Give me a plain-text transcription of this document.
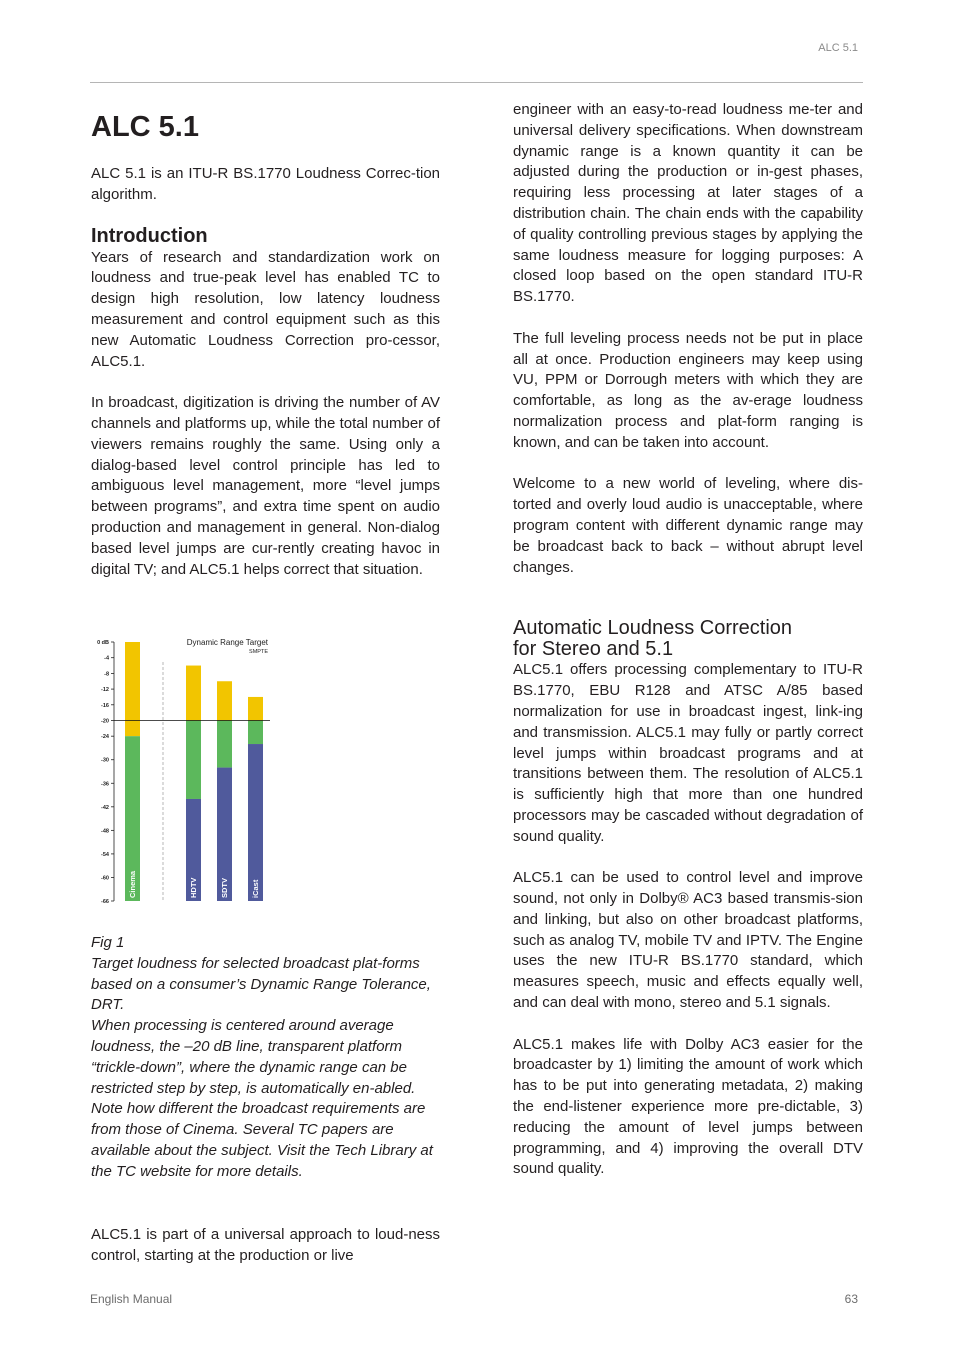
ALC 5.1
ALC 5.1

ALC 5.1 is an ITU-R BS.1770 Loudness Correc-tion algorithm.

Introduction

Years of research and standardization work on loudness and true-peak level has enabled TC to design high resolution, low latency loudness measurement and control equipment such as this new Automatic Loudness Correction pro-cessor, ALC5.1.

In broadcast, digitization is driving the number of AV channels and platforms up, while the total number of viewers remains roughly the same. Using only a dialog-based level control principle has led to ambiguous level management, more “level jumps between programs”, and extra time spent on audio production and management in general. Non-dialog based level jumps are cur-rently creating havoc in digital TV; and ALC5.1 helps correct that situation.

0 dB
-4
-8
-12
-16
-20
-24
-30
-36
-42
-48
-54
-60
-66
Cinema	HDTV	SDTV	iCast
Dynamic Range Target
SMPTE

Fig 1

Target loudness for selected broadcast plat-forms based on a consumer’s Dynamic Range Tolerance, DRT.

When processing is centered around average loudness, the –20 dB line, transparent platform “trickle-down”, where the dynamic range can be restricted step by step, is automatically en-abled.

Note how different the broadcast requirements are from those of Cinema. Several TC papers are available about the subject. Visit the Tech Library at the TC website for more details.

ALC5.1 is part of a universal approach to loud-ness control, starting at the production or live

engineer with an easy-to-read loudness me-ter and universal delivery specifications. When downstream dynamic range is a known quantity it can be adjusted during the production or in-gest phases, requiring less processing at later stages of a distribution chain. The chain ends with the capability of quality controlling previous stages by applying the same loudness measure for logging purposes: A closed loop based on the open standard ITU-R BS.1770.

The full leveling process needs not be put in place all at once. Production engineers may keep using VU, PPM or Dorrough meters with which they are comfortable, as long as the av-erage loudness normalization process and plat-form ranging is known, and can be taken into account.

Welcome to a new world of leveling, where dis-torted and overly loud audio is unacceptable, where program content with different dynamic range may be broadcast back to back – without abrupt level changes.

Automatic Loudness Correction
for Stereo and 5.1

ALC5.1 offers processing complementary to ITU-R BS.1770, EBU R128 and ATSC A/85 based normalization for use in broadcast ingest, link-ing and transmission. ALC5.1 may fully or partly correct level jumps within broadcast programs and at transitions between them. The resolution of ALC5.1 is sufficiently high that more than one hundred processors may be cascaded without degradation of sound quality.

ALC5.1 can be used to control level and improve sound, not only in Dolby® AC3 based transmis-sion and linking, but also on other broadcast platforms, such as analog TV, mobile TV and IPTV. The Engine uses the new ITU-R BS.1770 standard, which measures speech, music and effects equally well, and can deal with mono, stereo and 5.1 signals.

ALC5.1 makes life with Dolby AC3 easier for the broadcaster by 1) limiting the amount of work which has to be put into generating metadata, 2) making the end-listener experience more pre-dictable, 3) reducing the amount of level jumps between programming, and 4) improving the overall DTV sound quality.

English Manual	63
